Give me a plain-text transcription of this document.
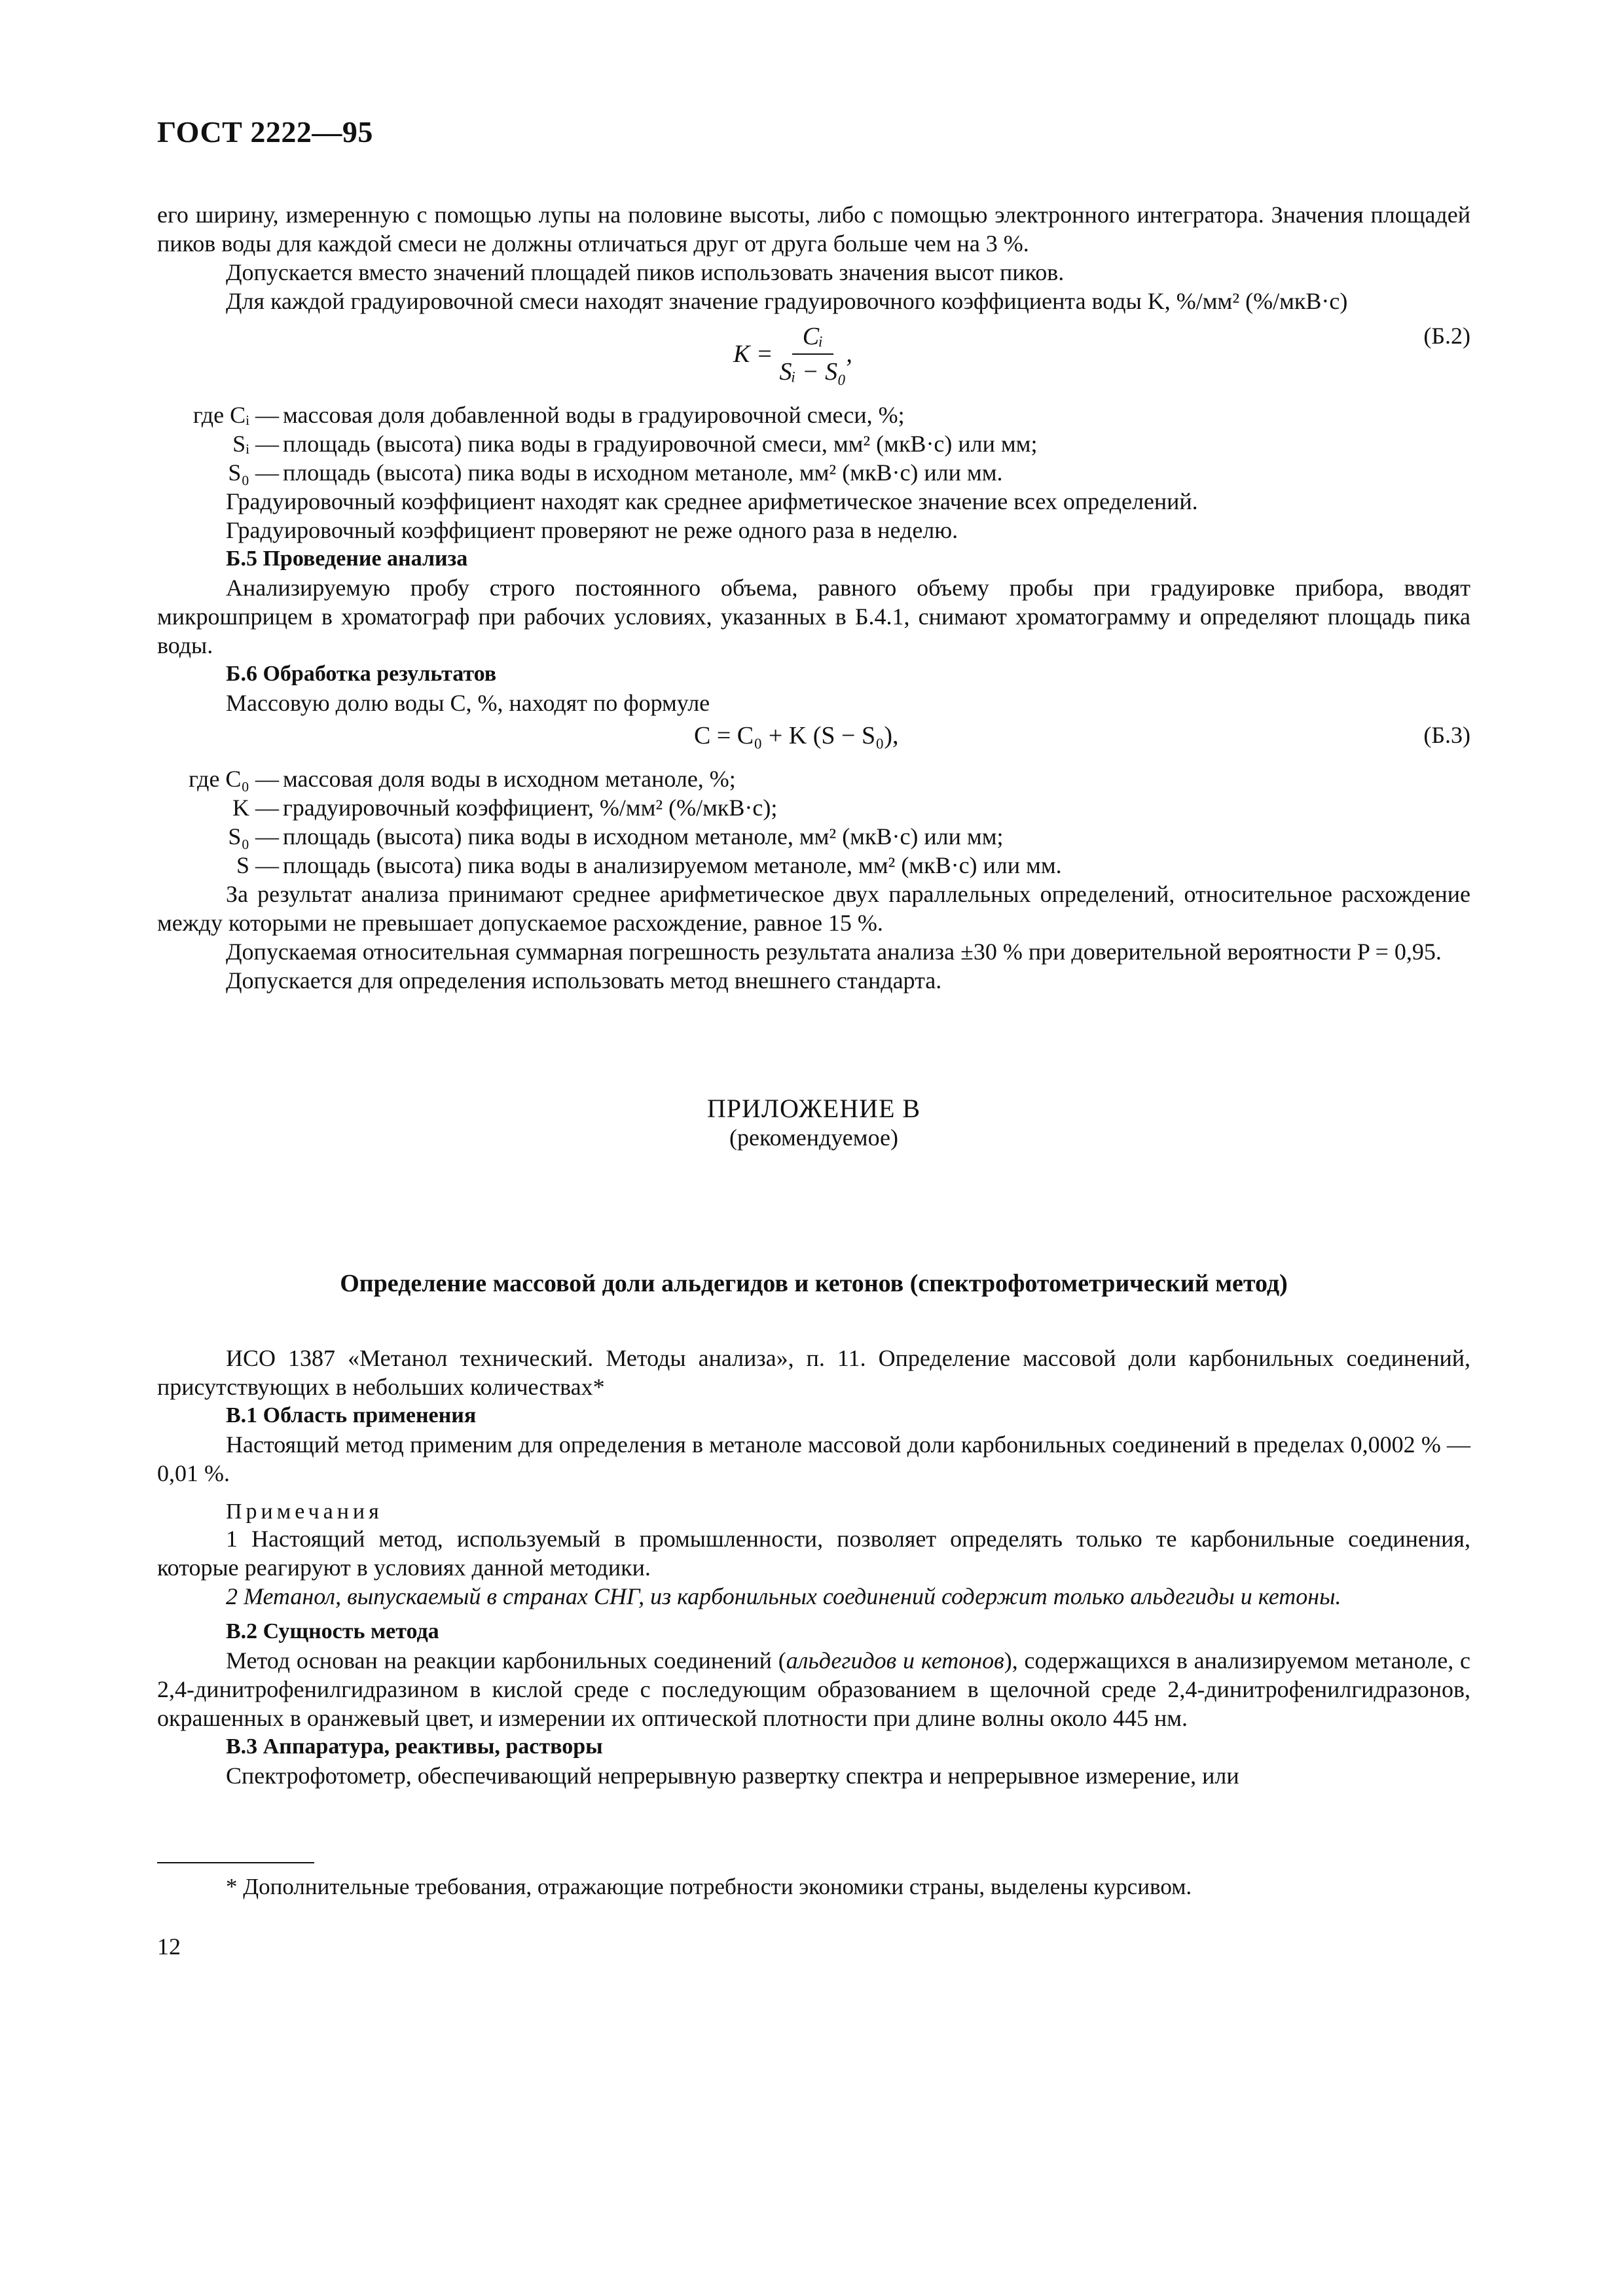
ГОСТ 2222—95

его ширину, измеренную с помощью лупы на половине высоты, либо с помощью электронного интегратора. Значения площадей пиков воды для каждой смеси не должны отличаться друг от друга больше чем на 3 %.

Допускается вместо значений площадей пиков использовать значения высот пиков.

Для каждой градуировочной смеси находят значение градуировочного коэффициента воды K, %/мм² (%/мкВ·с)

$K = \frac{\text{Cᵢ}}{\text{Sᵢ − S₀}}$ ,
(Б.2)
где Cᵢ — массовая доля добавленной воды в градуировочной смеси, %;
Sᵢ — площадь (высота) пика воды в градуировочной смеси, мм² (мкВ·с) или мм;
S₀ — площадь (высота) пика воды в исходном метаноле, мм² (мкВ·с) или мм.

Градуировочный коэффициент находят как среднее арифметическое значение всех определений.

Градуировочный коэффициент проверяют не реже одного раза в неделю.

Б.5 Проведение анализа

Анализируемую пробу строго постоянного объема, равного объему пробы при градуировке прибора, вводят микрошприцем в хроматограф при рабочих условиях, указанных в Б.4.1, снимают хроматограмму и определяют площадь пика воды.

Б.6 Обработка результатов

Массовую долю воды C, %, находят по формуле

C = C₀ + K (S − S₀),	(Б.3)
где C₀ — массовая доля воды в исходном метаноле, %;
K — градуировочный коэффициент, %/мм² (%/мкВ·с);
S₀ — площадь (высота) пика воды в исходном метаноле, мм² (мкВ·с) или мм;
S — площадь (высота) пика воды в анализируемом метаноле, мм² (мкВ·с) или мм.

За результат анализа принимают среднее арифметическое двух параллельных определений, относительное расхождение между которыми не превышает допускаемое расхождение, равное 15 %.

Допускаемая относительная суммарная погрешность результата анализа ±30 % при доверительной вероятности P = 0,95.

Допускается для определения использовать метод внешнего стандарта.

ПРИЛОЖЕНИЕ В
(рекомендуемое)
Определение массовой доли альдегидов и кетонов (спектрофотометрический метод)

ИСО 1387 «Метанол технический. Методы анализа», п. 11. Определение массовой доли карбонильных соединений, присутствующих в небольших количествах*

В.1 Область применения

Настоящий метод применим для определения в метаноле массовой доли карбонильных соединений в пределах 0,0002 % — 0,01 %.

Примечания

1 Настоящий метод, используемый в промышленности, позволяет определять только те карбонильные соединения, которые реагируют в условиях данной методики.

2 Метанол, выпускаемый в странах СНГ, из карбонильных соединений содержит только альдегиды и кетоны.

В.2 Сущность метода

Метод основан на реакции карбонильных соединений (альдегидов и кетонов), содержащихся в анализируемом метаноле, с 2,4-динитрофенилгидразином в кислой среде с последующим образованием в щелочной среде 2,4-динитрофенилгидразонов, окрашенных в оранжевый цвет, и измерении их оптической плотности при длине волны около 445 нм.

В.3 Аппаратура, реактивы, растворы

Спектрофотометр, обеспечивающий непрерывную развертку спектра и непрерывное измерение, или

* Дополнительные требования, отражающие потребности экономики страны, выделены курсивом.
12
